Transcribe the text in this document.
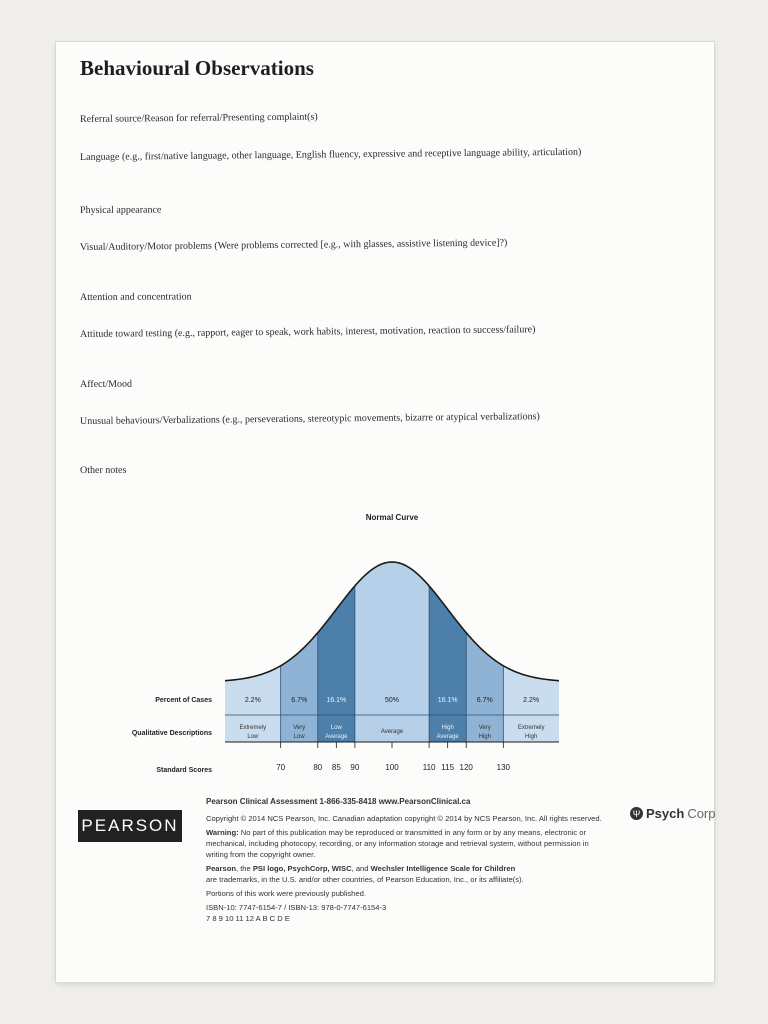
Behavioural Observations
Referral source/Reason for referral/Presenting complaint(s)
Language (e.g., first/native language, other language, English fluency, expressive and receptive language ability, articulation)
Physical appearance
Visual/Auditory/Motor problems (Were problems corrected [e.g., with glasses, assistive listening device]?)
Attention and concentration
Attitude toward testing (e.g., rapport, eager to speak, work habits, interest, motivation, reaction to success/failure)
Affect/Mood
Unusual behaviours/Verbalizations (e.g., perseverations, stereotypic movements, bizarre or atypical verbalizations)
Other notes
Normal Curve
2.2%
Extremely
Low
6.7%
Very
Low
16.1%
Low
Average
50%
Average
16.1%
High
Average
6.7%
Very
High
2.2%
Extremely
High
Percent of Cases
Qualitative Descriptions
Standard Scores	70	80 85 90	100	110 115 120	130
PEARSON

Pearson Clinical Assessment 1-866-335-8418 www.PearsonClinical.ca

Copyright © 2014 NCS Pearson, Inc. Canadian adaptation copyright © 2014 by NCS Pearson, Inc. All rights reserved.

Warning: No part of this publication may be reproduced or transmitted in any form or by any means, electronic or mechanical, including photocopy, recording, or any information storage and retrieval system, without permission in writing from the copyright owner.

Pearson, the PSI logo, PsychCorp, WISC, and Wechsler Intelligence Scale for Children
are trademarks, in the U.S. and/or other countries, of Pearson Education, Inc., or its affiliate(s).

Portions of this work were previously published.

ISBN-10: 7747-6154-7 / ISBN-13: 978-0-7747-6154-3

7 8 9 10 11 12 A B C D E

Ψ Psych Corp
